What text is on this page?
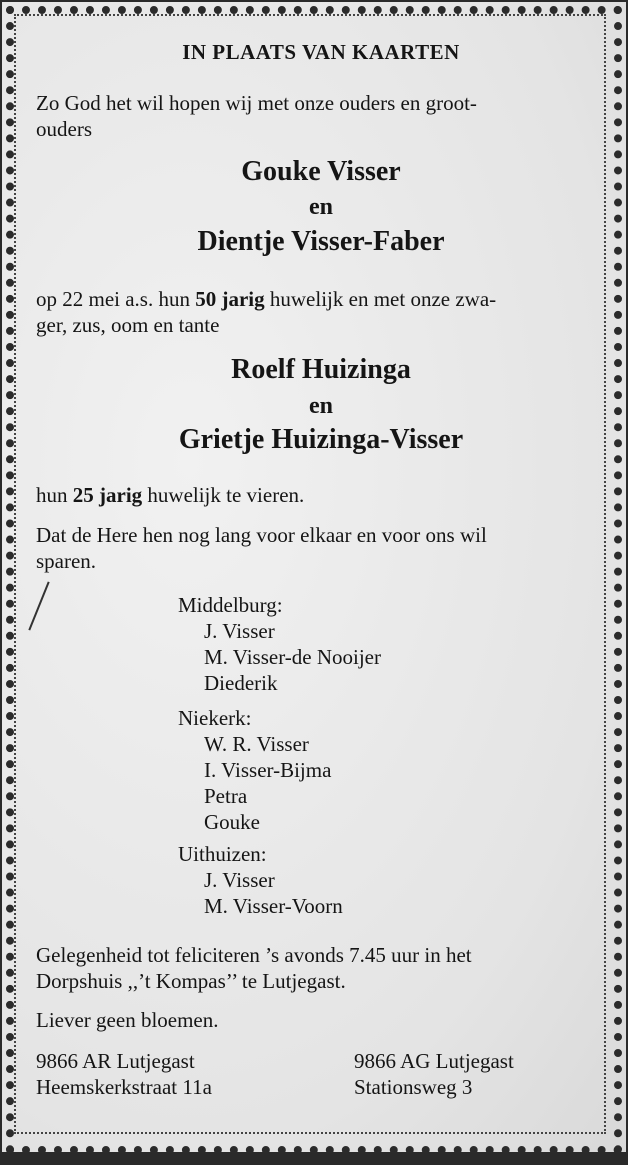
IN PLAATS VAN KAARTEN
Zo God het wil hopen wij met onze ouders en groot-
ouders
Gouke Visser
en
Dientje Visser-Faber
op 22 mei a.s. hun 50 jarig huwelijk en met onze zwa-
ger, zus, oom en tante
Roelf Huizinga
en
Grietje Huizinga-Visser
hun 25 jarig huwelijk te vieren.
Dat de Here hen nog lang voor elkaar en voor ons wil
sparen.
Middelburg:
J. Visser
M. Visser-de Nooijer
Diederik
Niekerk:
W. R. Visser
I. Visser-Bijma
Petra
Gouke
Uithuizen:
J. Visser
M. Visser-Voorn
Gelegenheid tot feliciteren ’s avonds 7.45 uur in het
Dorpshuis ,,’t Kompas’’ te Lutjegast.
Liever geen bloemen.
9866 AR Lutjegast
Heemskerkstraat 11a
9866 AG Lutjegast
Stationsweg 3
